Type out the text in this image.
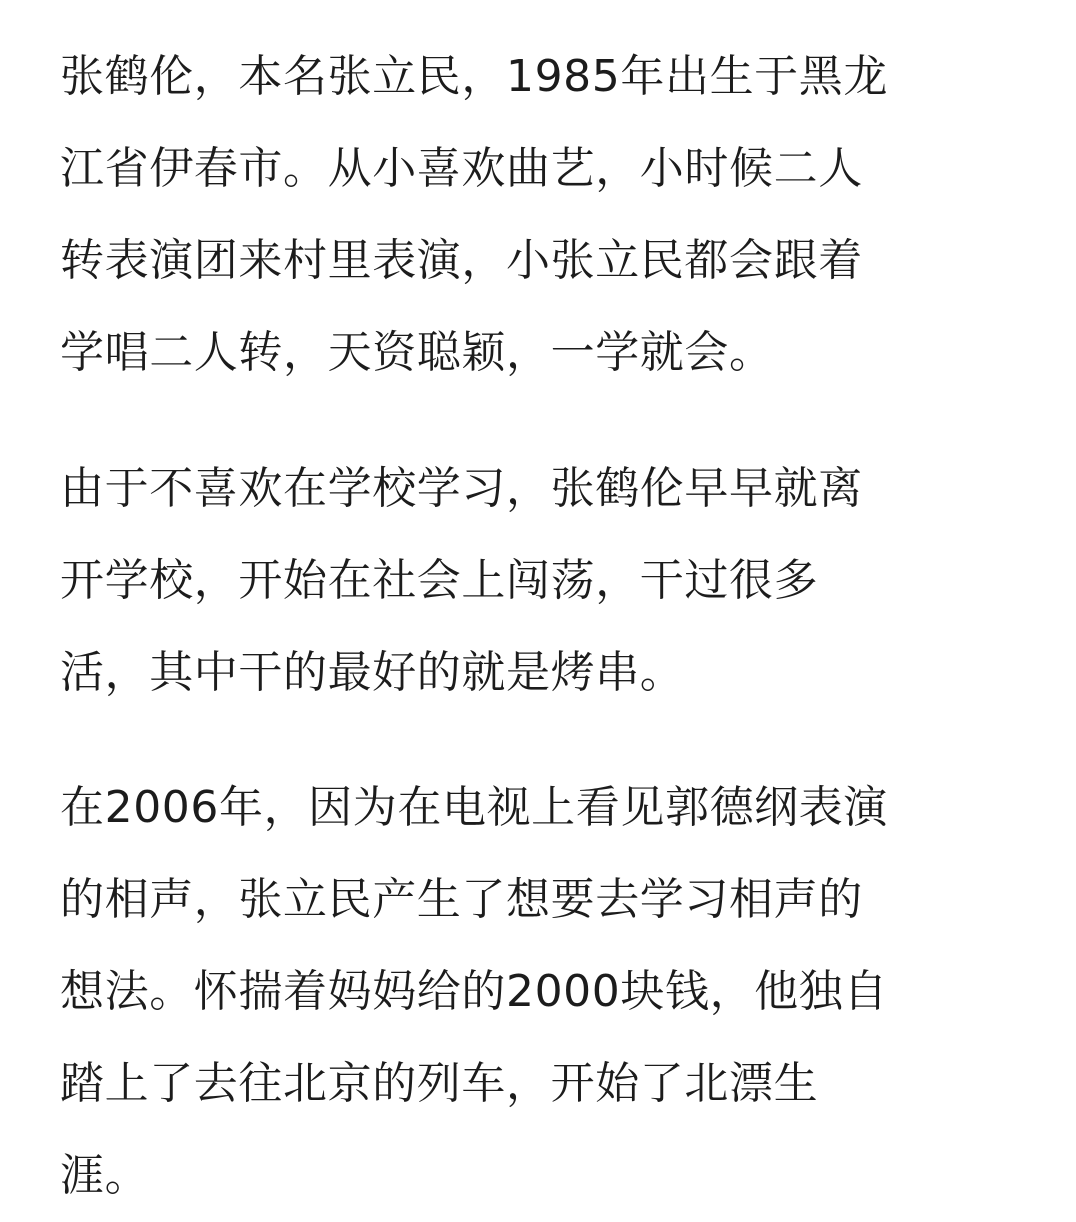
张鹤伦，本名张立民，1985年出生于黑龙
江省伊春市。从小喜欢曲艺，小时候二人
转表演团来村里表演，小张立民都会跟着
学唱二人转，天资聪颖，一学就会。

由于不喜欢在学校学习，张鹤伦早早就离
开学校，开始在社会上闯荡，干过很多
活，其中干的最好的就是烤串。

在2006年，因为在电视上看见郭德纲表演
的相声，张立民产生了想要去学习相声的
想法。怀揣着妈妈给的2000块钱，他独自
踏上了去往北京的列车，开始了北漂生
涯。
